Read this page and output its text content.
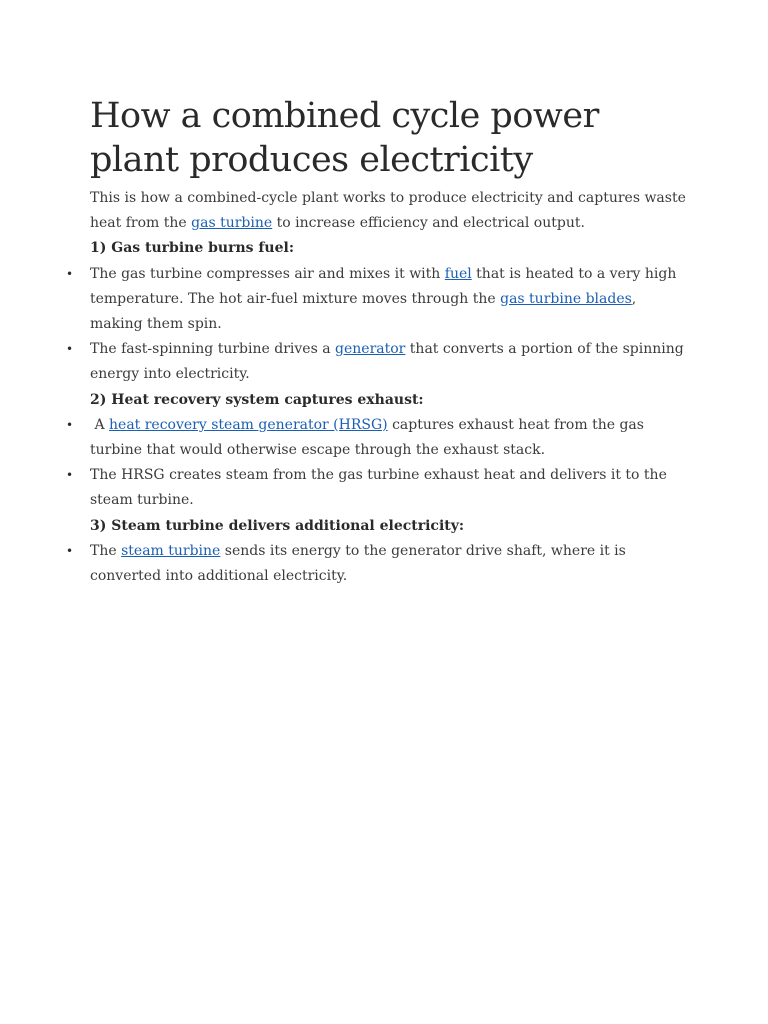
How a combined cycle power plant produces electricity

This is how a combined-cycle plant works to produce electricity and captures waste heat from the gas turbine to increase efficiency and electrical output.

1) Gas turbine burns fuel:

• The gas turbine compresses air and mixes it with fuel that is heated to a very high temperature. The hot air-fuel mixture moves through the gas turbine blades, making them spin.
• The fast-spinning turbine drives a generator that converts a portion of the spinning energy into electricity.

2) Heat recovery system captures exhaust:

• A heat recovery steam generator (HRSG) captures exhaust heat from the gas turbine that would otherwise escape through the exhaust stack.
• The HRSG creates steam from the gas turbine exhaust heat and delivers it to the steam turbine.

3) Steam turbine delivers additional electricity:

• The steam turbine sends its energy to the generator drive shaft, where it is converted into additional electricity.
